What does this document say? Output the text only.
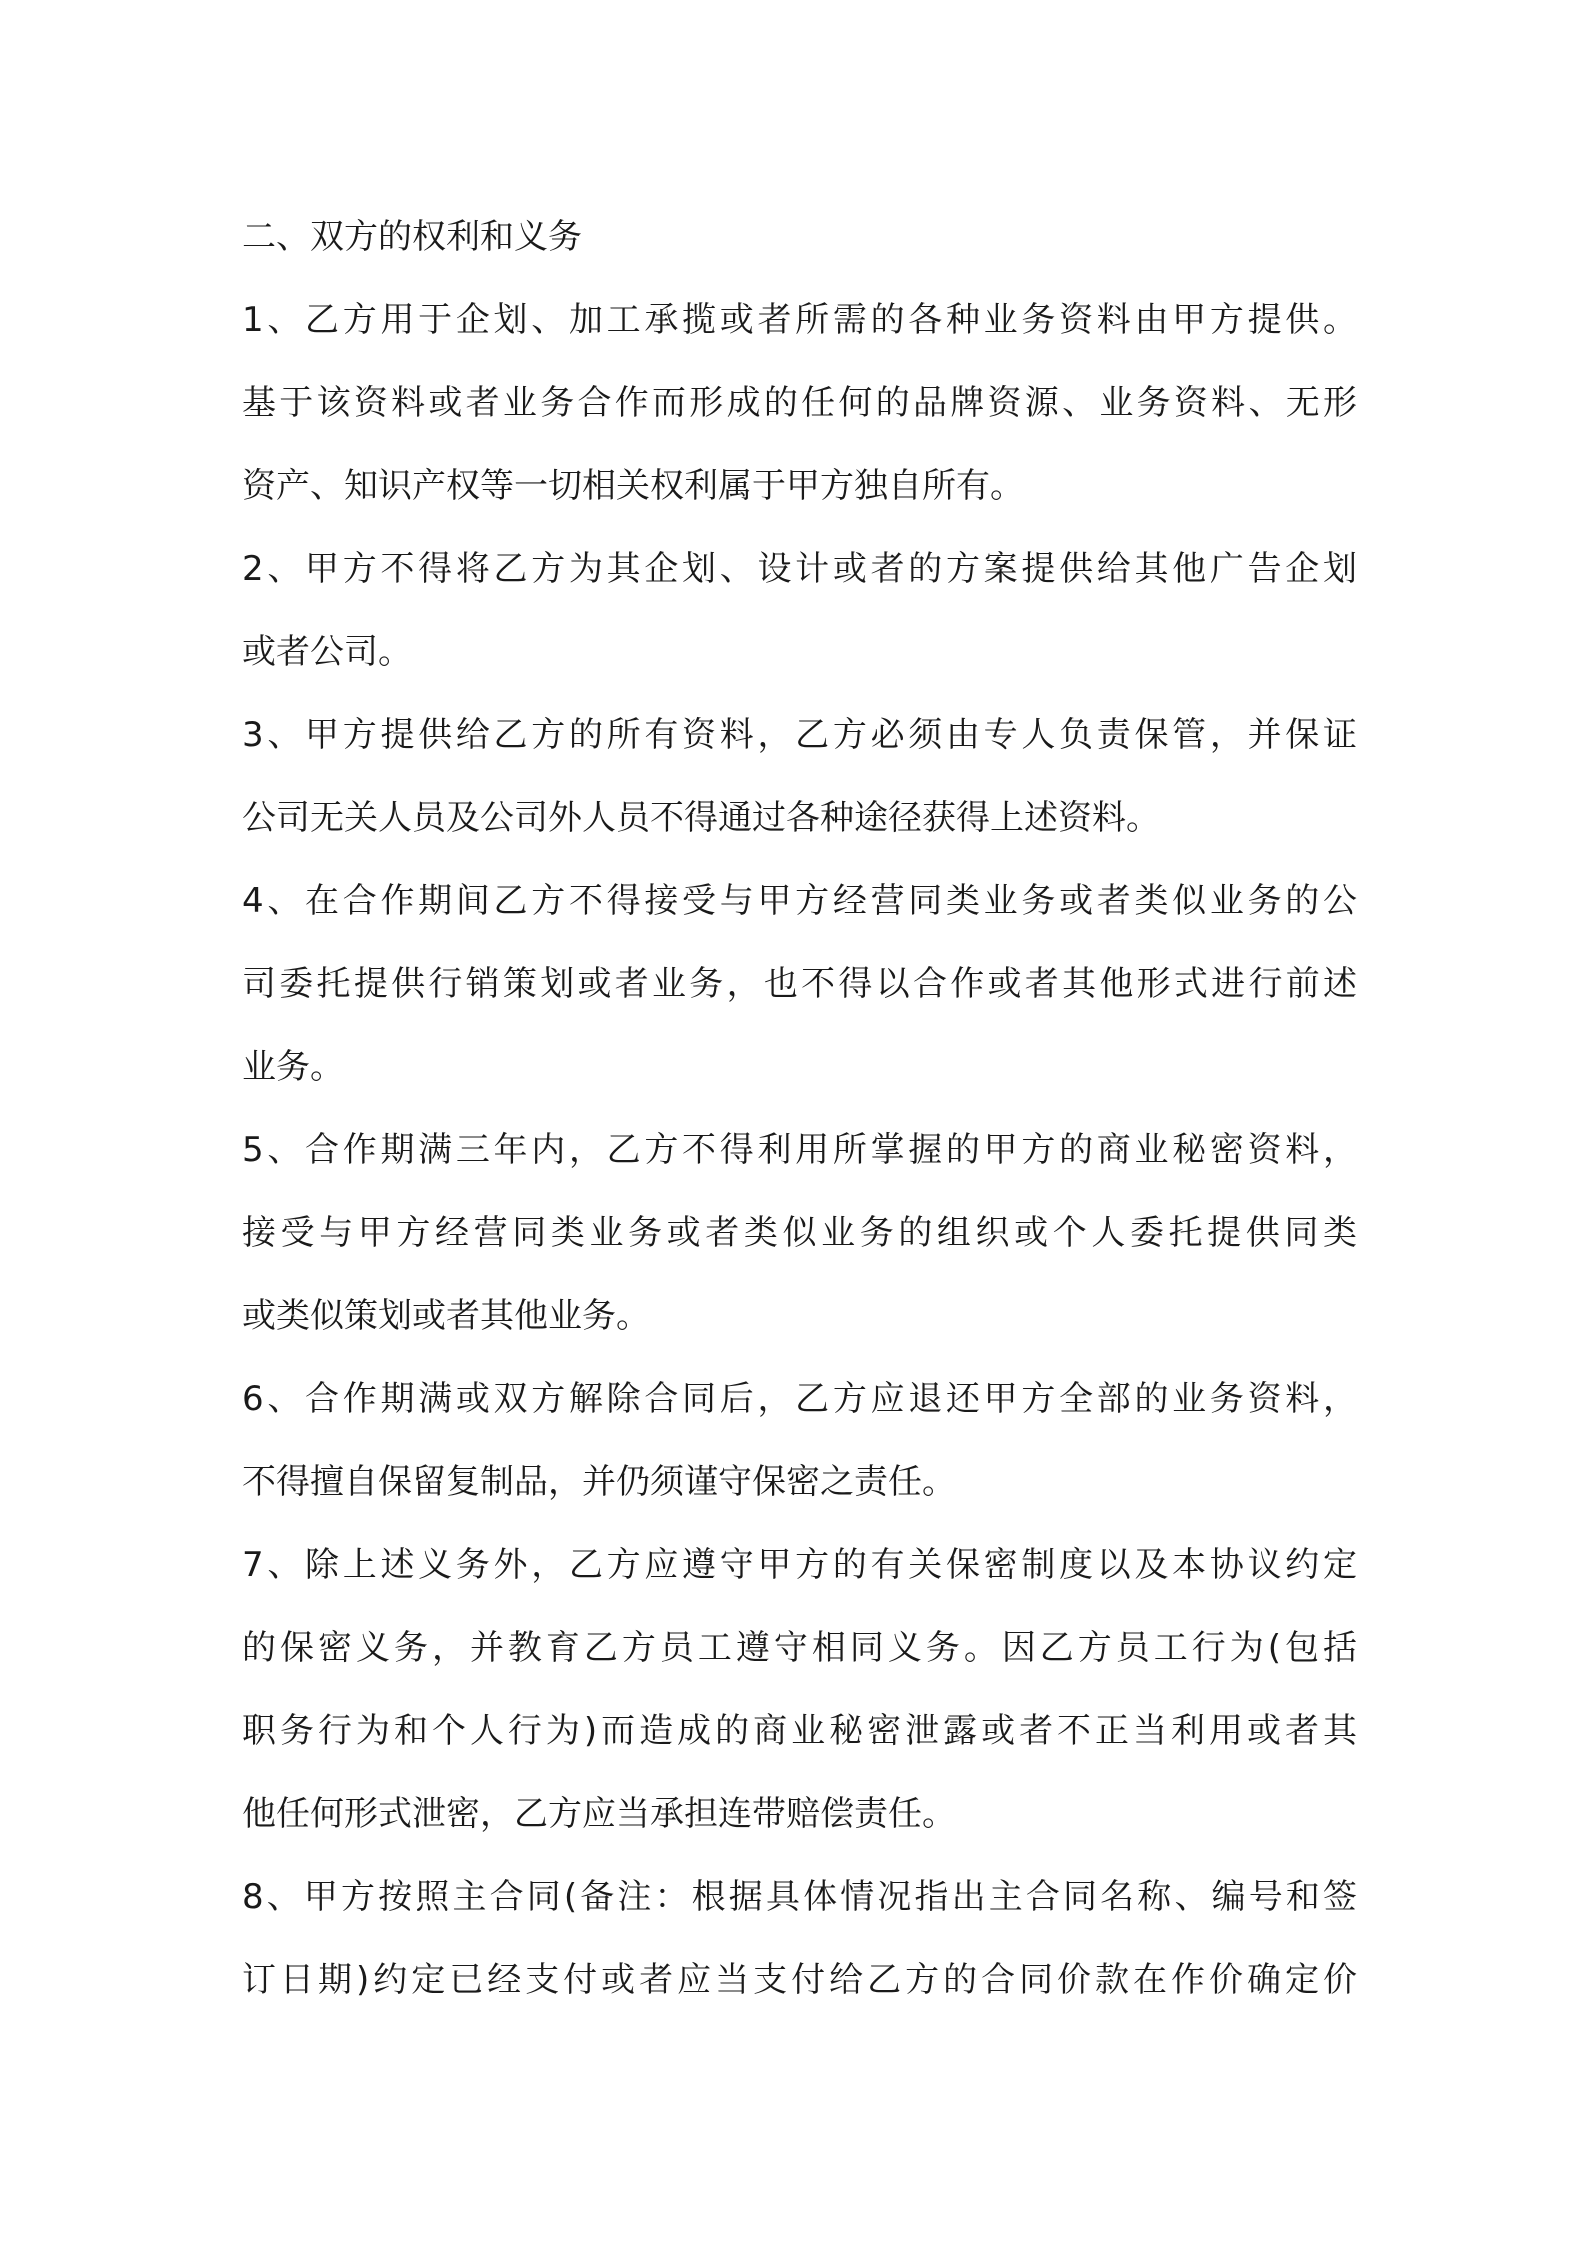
二、双方的权利和义务
1、乙方用于企划、加工承揽或者所需的各种业务资料由甲方提供。
基于该资料或者业务合作而形成的任何的品牌资源、业务资料、无形
资产、知识产权等一切相关权利属于甲方独自所有。
2、甲方不得将乙方为其企划、设计或者的方案提供给其他广告企划
或者公司。
3、甲方提供给乙方的所有资料，乙方必须由专人负责保管，并保证
公司无关人员及公司外人员不得通过各种途径获得上述资料。
4、在合作期间乙方不得接受与甲方经营同类业务或者类似业务的公
司委托提供行销策划或者业务，也不得以合作或者其他形式进行前述
业务。
5、合作期满三年内，乙方不得利用所掌握的甲方的商业秘密资料，
接受与甲方经营同类业务或者类似业务的组织或个人委托提供同类
或类似策划或者其他业务。
6、合作期满或双方解除合同后，乙方应退还甲方全部的业务资料，
不得擅自保留复制品，并仍须谨守保密之责任。
7、除上述义务外，乙方应遵守甲方的有关保密制度以及本协议约定
的保密义务，并教育乙方员工遵守相同义务。因乙方员工行为(包括
职务行为和个人行为)而造成的商业秘密泄露或者不正当利用或者其
他任何形式泄密，乙方应当承担连带赔偿责任。
8、甲方按照主合同(备注：根据具体情况指出主合同名称、编号和签
订日期)约定已经支付或者应当支付给乙方的合同价款在作价确定价
